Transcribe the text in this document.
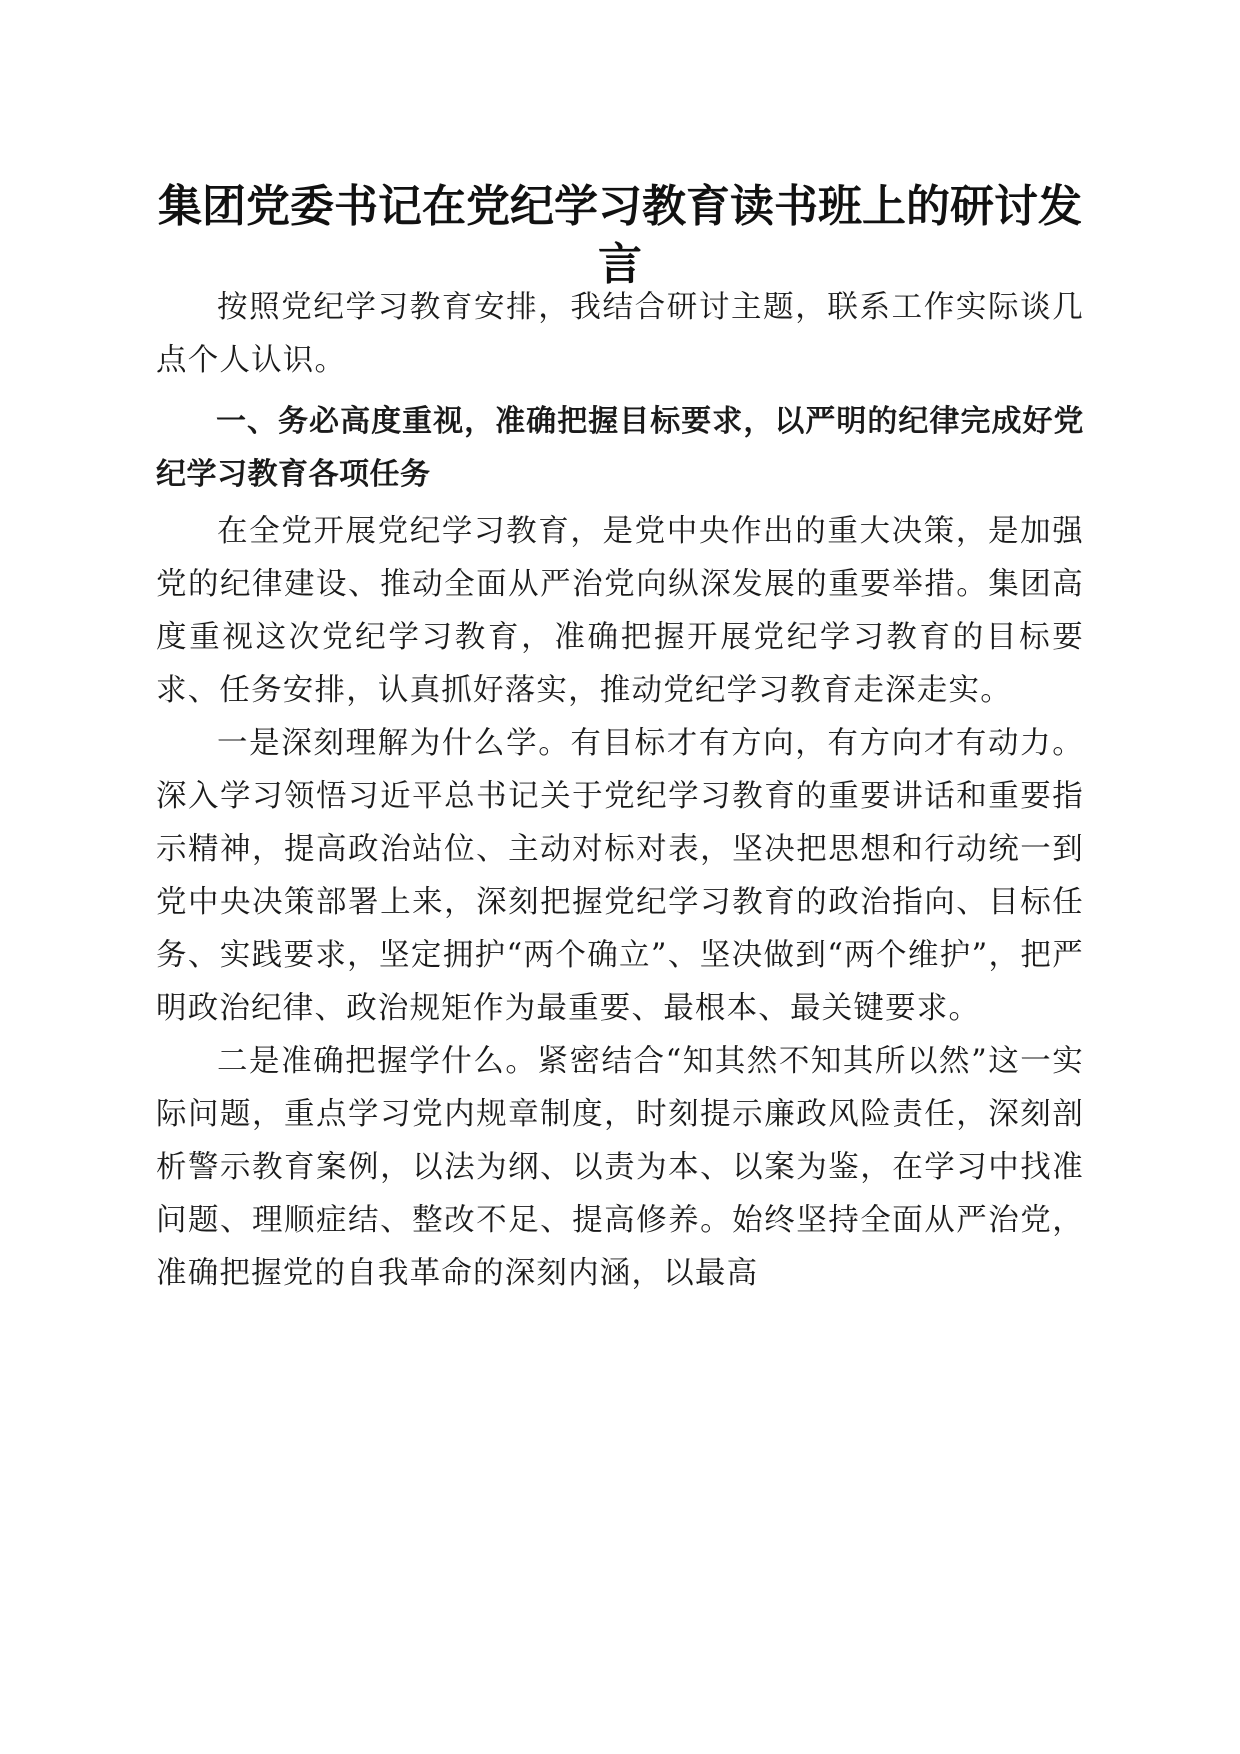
集团党委书记在党纪学习教育读书班上的研讨发言

按照党纪学习教育安排，我结合研讨主题，联系工作实际谈几点个人认识。

一、务必高度重视，准确把握目标要求，以严明的纪律完成好党纪学习教育各项任务

在全党开展党纪学习教育，是党中央作出的重大决策，是加强党的纪律建设、推动全面从严治党向纵深发展的重要举措。集团高度重视这次党纪学习教育，准确把握开展党纪学习教育的目标要求、任务安排，认真抓好落实，推动党纪学习教育走深走实。

一是深刻理解为什么学。有目标才有方向，有方向才有动力。深入学习领悟习近平总书记关于党纪学习教育的重要讲话和重要指示精神，提高政治站位、主动对标对表，坚决把思想和行动统一到党中央决策部署上来，深刻把握党纪学习教育的政治指向、目标任务、实践要求，坚定拥护“两个确立”、坚决做到“两个维护”，把严明政治纪律、政治规矩作为最重要、最根本、最关键要求。

二是准确把握学什么。紧密结合“知其然不知其所以然”这一实际问题，重点学习党内规章制度，时刻提示廉政风险责任，深刻剖析警示教育案例，以法为纲、以责为本、以案为鉴，在学习中找准问题、理顺症结、整改不足、提高修养。始终坚持全面从严治党，准确把握党的自我革命的深刻内涵，以最高
